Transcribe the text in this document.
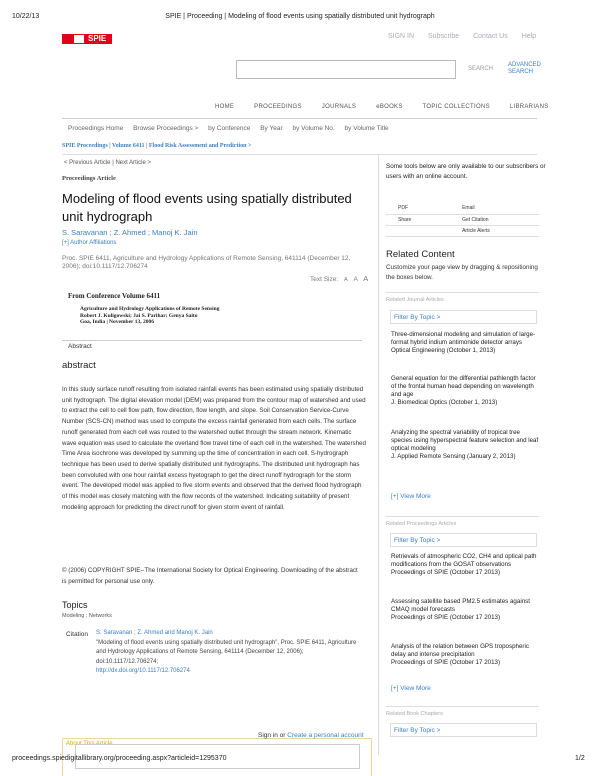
10/22/13	SPIE | Proceeding | Modeling of flood events using spatially distributed unit hydrograph
SPIE	SIGN IN Subscribe Contact Us Help
SEARCH
ADVANCED
SEARCH
HOME	PROCEEDINGS	JOURNALS	eBOOKS	TOPIC COLLECTIONS	LIBRARIANS
Proceedings Home Browse Proceedings > by Conference By Year by Volume No. by Volume Title
SPIE Proceedings | Volume 6411 | Flood Risk Assessment and Prediction >
< Previous Article | Next Article >
Proceedings Article
Modeling of flood events using spatially distributed unit hydrograph
S. Saravanan ; Z. Ahmed ; Manoj K. Jain
[+] Author Affiliations
Proc. SPIE 6411, Agriculture and Hydrology Applications of Remote Sensing, 641114 (December 12, 2006); doi:10.1117/12.706274
Text Size: A A A
From Conference Volume 6411
Agriculture and Hydrology Applications of Remote Sensing
Robert J. Kuligowski; Jai S. Parihar; Genya Saito
Goa, India | November 13, 2006
Abstract
abstract
In this study surface runoff resulting from isolated rainfall events has been estimated using spatially distributed unit hydrograph. The digital elevation model (DEM) was prepared from the contour map of watershed and used to extract the cell to cell flow path, flow direction, flow length, and slope. Soil Conservation Service-Curve Number (SCS-CN) method was used to compute the excess rainfall generated from each cells. The surface runoff generated from each cell was routed to the watershed outlet through the stream network. Kinematic wave equation was used to calculate the overland flow travel time of each cell in the watershed. The watershed Time Area isochrone was developed by summing up the time of concentration in each cell. S-hydrograph technique has been used to derive spatially distributed unit hydrographs. The distributed unit hydrograph has been convoluted with one hour rainfall excess hyetograph to get the direct runoff hydrograph for the storm event. The developed model was applied to five storm events and observed that the derived flood hydrograph of this model was closely matching with the flow records of the watershed. Indicating suitability of present modeling approach for predicting the direct runoff for given storm event of rainfall.
© (2006) COPYRIGHT SPIE--The International Society for Optical Engineering. Downloading of the abstract is permitted for personal use only.
Topics
Modeling ; Networks
Citation S. Saravanan ; Z. Ahmed and Manoj K. Jain
"Modeling of flood events using spatially distributed unit hydrograph", Proc. SPIE 6411, Agriculture and Hydrology Applications of Remote Sensing, 641114 (December 12, 2006); doi:10.1117/12.706274;
http://dx.doi.org/10.1117/12.706274
About This Article
Sign in or Create a personal account
Some tools below are only available to our subscribers or users with an online account.
PDF	Email
Share	Get Citation
	Article Alerts
Related Content
Customize your page view by dragging & repositioning the boxes below.
Related Journal Articles
Filter By Topic >
Three-dimensional modeling and simulation of large-format hybrid indium antimonide detector arrays
Optical Engineering (October 1, 2013)
General equation for the differential pathlength factor of the frontal human head depending on wavelength and age
J. Biomedical Optics (October 1, 2013)
Analyzing the spectral variability of tropical tree species using hyperspectral feature selection and leaf optical modeling
J. Applied Remote Sensing (January 2, 2013)
[+] View More
Related Proceedings Articles
Filter By Topic >
Retrievals of atmospheric CO2, CH4 and optical path modifications from the GOSAT observations
Proceedings of SPIE (October 17 2013)
Assessing satellite based PM2.5 estimates against CMAQ model forecasts
Proceedings of SPIE (October 17 2013)
Analysis of the relation between GPS tropospheric delay and intense precipitation
Proceedings of SPIE (October 17 2013)
[+] View More
Related Book Chapters
Filter By Topic >
proceedings.spiedigitallibrary.org/proceeding.aspx?articleid=1295370	1/2
